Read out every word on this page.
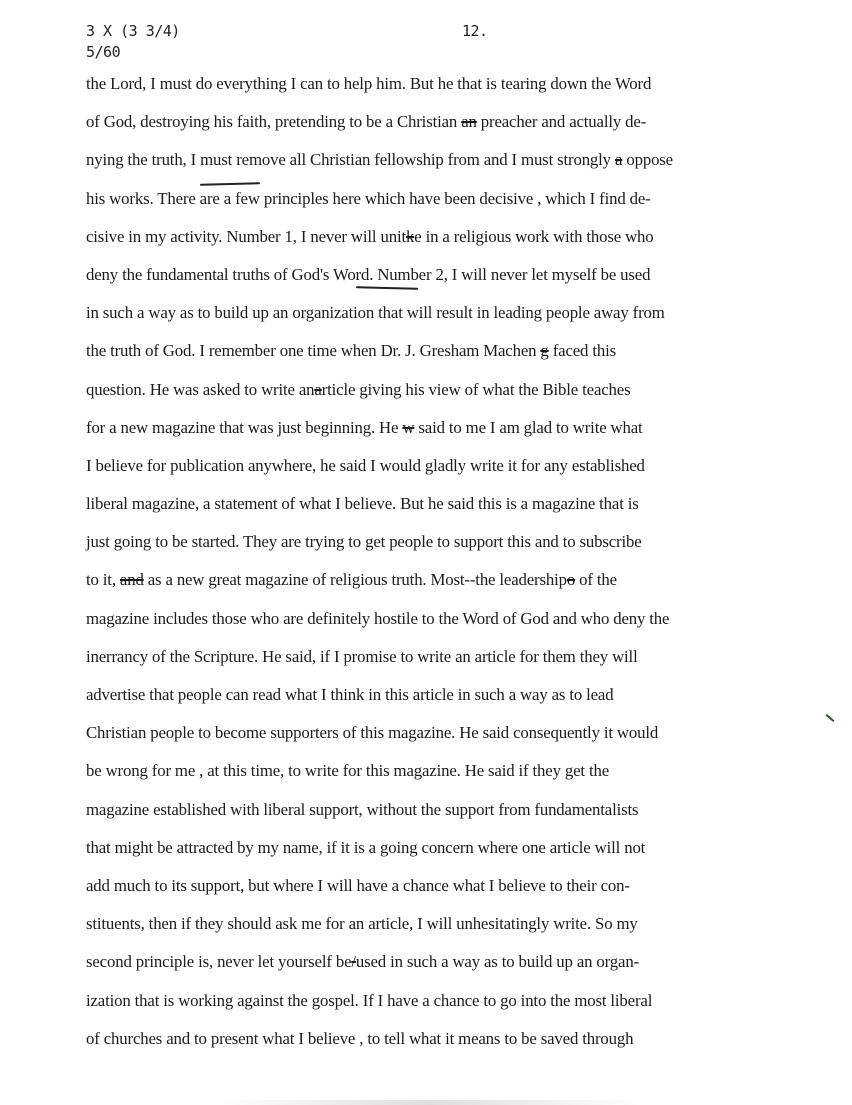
3 X (3 3/4)
5/60
12.
the Lord, I must do everything I can to help him. But he that is tearing down the Word
of God, destroying his faith, pretending to be a Christian an preacher and actually de-
nying the truth, I must remove all Christian fellowship from and I must strongly a oppose
his works. There are a few principles here which have been decisive , which I find de-
cisive in my activity. Number 1, I never will unitke in a religious work with those who
deny the fundamental truths of God's Word. Number 2, I will never let myself be used
in such a way as to build up an organization that will result in leading people away from
the truth of God. I remember one time when Dr. J. Gresham Machen g faced this
question. He was asked to write anarticle giving his view of what the Bible teaches
for a new magazine that was just beginning. He w said to me I am glad to write what
I believe for publication anywhere, he said I would gladly write it for any established
liberal magazine, a statement of what I believe. But he said this is a magazine that is
just going to be started. They are trying to get people to support this and to subscribe
to it, and as a new great magazine of religious truth. Most--the leadershipo of the
magazine includes those who are definitely hostile to the Word of God and who deny the
inerrancy of the Scripture. He said, if I promise to write an article for them they will
advertise that people can read what I think in this article in such a way as to lead
Christian people to become supporters of this magazine. He said consequently it would
be wrong for me , at this time, to write for this magazine. He said if they get the
magazine established with liberal support, without the support from fundamentalists
that might be attracted by my name, if it is a going concern where one article will not
add much to its support, but where I will have a chance what I believe to their con-
stituents, then if they should ask me for an article, I will unhesitatingly write. So my
second principle is, never let yourself be/used in such a way as to build up an organ-
ization that is working against the gospel. If I have a chance to go into the most liberal
of churches and to present what I believe , to tell what it means to be saved through
